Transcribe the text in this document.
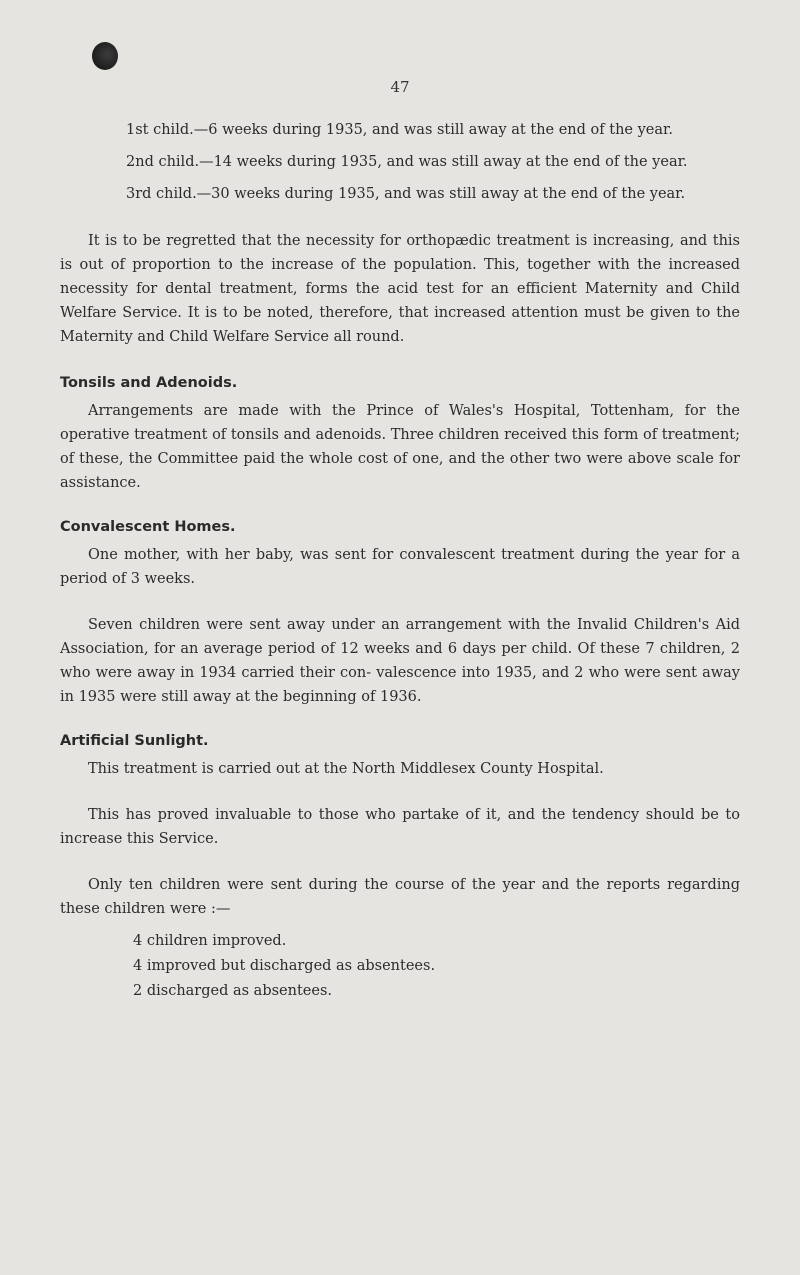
47

1st child.—6 weeks during 1935, and was still away at the end of the year.

2nd child.—14 weeks during 1935, and was still away at the end of the year.

3rd child.—30 weeks during 1935, and was still away at the end of the year.

It is to be regretted that the necessity for orthopædic treatment is increasing, and this is out of proportion to the increase of the population. This, together with the increased necessity for dental treatment, forms the acid test for an efficient Maternity and Child Welfare Service. It is to be noted, therefore, that increased attention must be given to the Maternity and Child Welfare Service all round.

Tonsils and Adenoids.

Arrangements are made with the Prince of Wales's Hospital, Tottenham, for the operative treatment of tonsils and adenoids. Three children received this form of treatment; of these, the Committee paid the whole cost of one, and the other two were above scale for assistance.

Convalescent Homes.

One mother, with her baby, was sent for convalescent treatment during the year for a period of 3 weeks.

Seven children were sent away under an arrangement with the Invalid Children's Aid Association, for an average period of 12 weeks and 6 days per child. Of these 7 children, 2 who were away in 1934 carried their con- valescence into 1935, and 2 who were sent away in 1935 were still away at the beginning of 1936.

Artificial Sunlight.

This treatment is carried out at the North Middlesex County Hospital.

This has proved invaluable to those who partake of it, and the tendency should be to increase this Service.

Only ten children were sent during the course of the year and the reports regarding these children were :—

4 children improved.
4 improved but discharged as absentees.
2 discharged as absentees.
